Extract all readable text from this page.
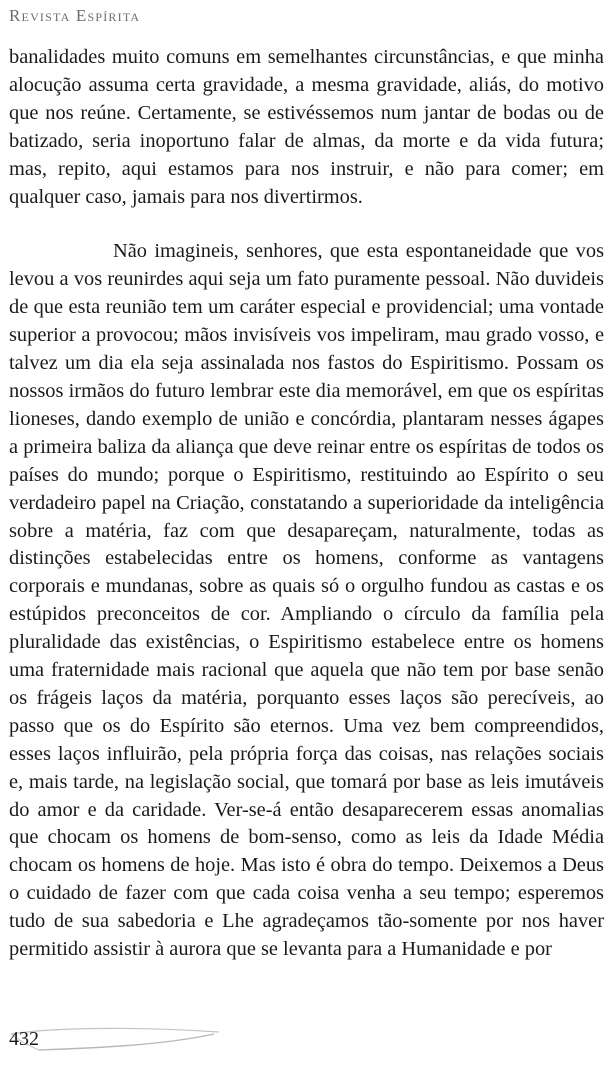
Revista Espírita

banalidades muito comuns em semelhantes circunstâncias, e que minha alocução assuma certa gravidade, a mesma gravidade, aliás, do motivo que nos reúne. Certamente, se estivéssemos num jantar de bodas ou de batizado, seria inoportuno falar de almas, da morte e da vida futura; mas, repito, aqui estamos para nos instruir, e não para comer; em qualquer caso, jamais para nos divertirmos.

Não imagineis, senhores, que esta espontaneidade que vos levou a vos reunirdes aqui seja um fato puramente pessoal. Não duvideis de que esta reunião tem um caráter especial e providencial; uma vontade superior a provocou; mãos invisíveis vos impeliram, mau grado vosso, e talvez um dia ela seja assinalada nos fastos do Espiritismo. Possam os nossos irmãos do futuro lembrar este dia memorável, em que os espíritas lioneses, dando exemplo de união e concórdia, plantaram nesses ágapes a primeira baliza da aliança que deve reinar entre os espíritas de todos os países do mundo; porque o Espiritismo, restituindo ao Espírito o seu verdadeiro papel na Criação, constatando a superioridade da inteligência sobre a matéria, faz com que desapareçam, naturalmente, todas as distinções estabelecidas entre os homens, conforme as vantagens corporais e mundanas, sobre as quais só o orgulho fundou as castas e os estúpidos preconceitos de cor. Ampliando o círculo da família pela pluralidade das existências, o Espiritismo estabelece entre os homens uma fraternidade mais racional que aquela que não tem por base senão os frágeis laços da matéria, porquanto esses laços são perecíveis, ao passo que os do Espírito são eternos. Uma vez bem compreendidos, esses laços influirão, pela própria força das coisas, nas relações sociais e, mais tarde, na legislação social, que tomará por base as leis imutáveis do amor e da caridade. Ver-se-á então desaparecerem essas anomalias que chocam os homens de bom-senso, como as leis da Idade Média chocam os homens de hoje. Mas isto é obra do tempo. Deixemos a Deus o cuidado de fazer com que cada coisa venha a seu tempo; esperemos tudo de sua sabedoria e Lhe agradeçamos tão-somente por nos haver permitido assistir à aurora que se levanta para a Humanidade e por

432
